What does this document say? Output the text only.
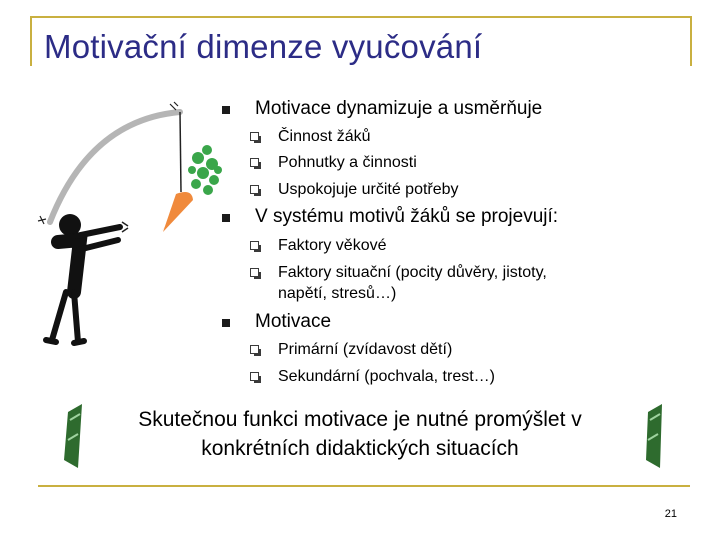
Motivační dimenze vyučování
Motivace dynamizuje a usměrňuje
Činnost žáků
Pohnutky a činnosti
Uspokojuje určité potřeby
V systému motivů žáků se projevují:
Faktory věkové
Faktory situační (pocity důvěry, jistoty,
napětí, stresů…)
Motivace
Primární (zvídavost dětí)
Sekundární (pochvala, trest…)
Skutečnou funkci motivace je nutné promýšlet v
konkrétních didaktických situacích
21
